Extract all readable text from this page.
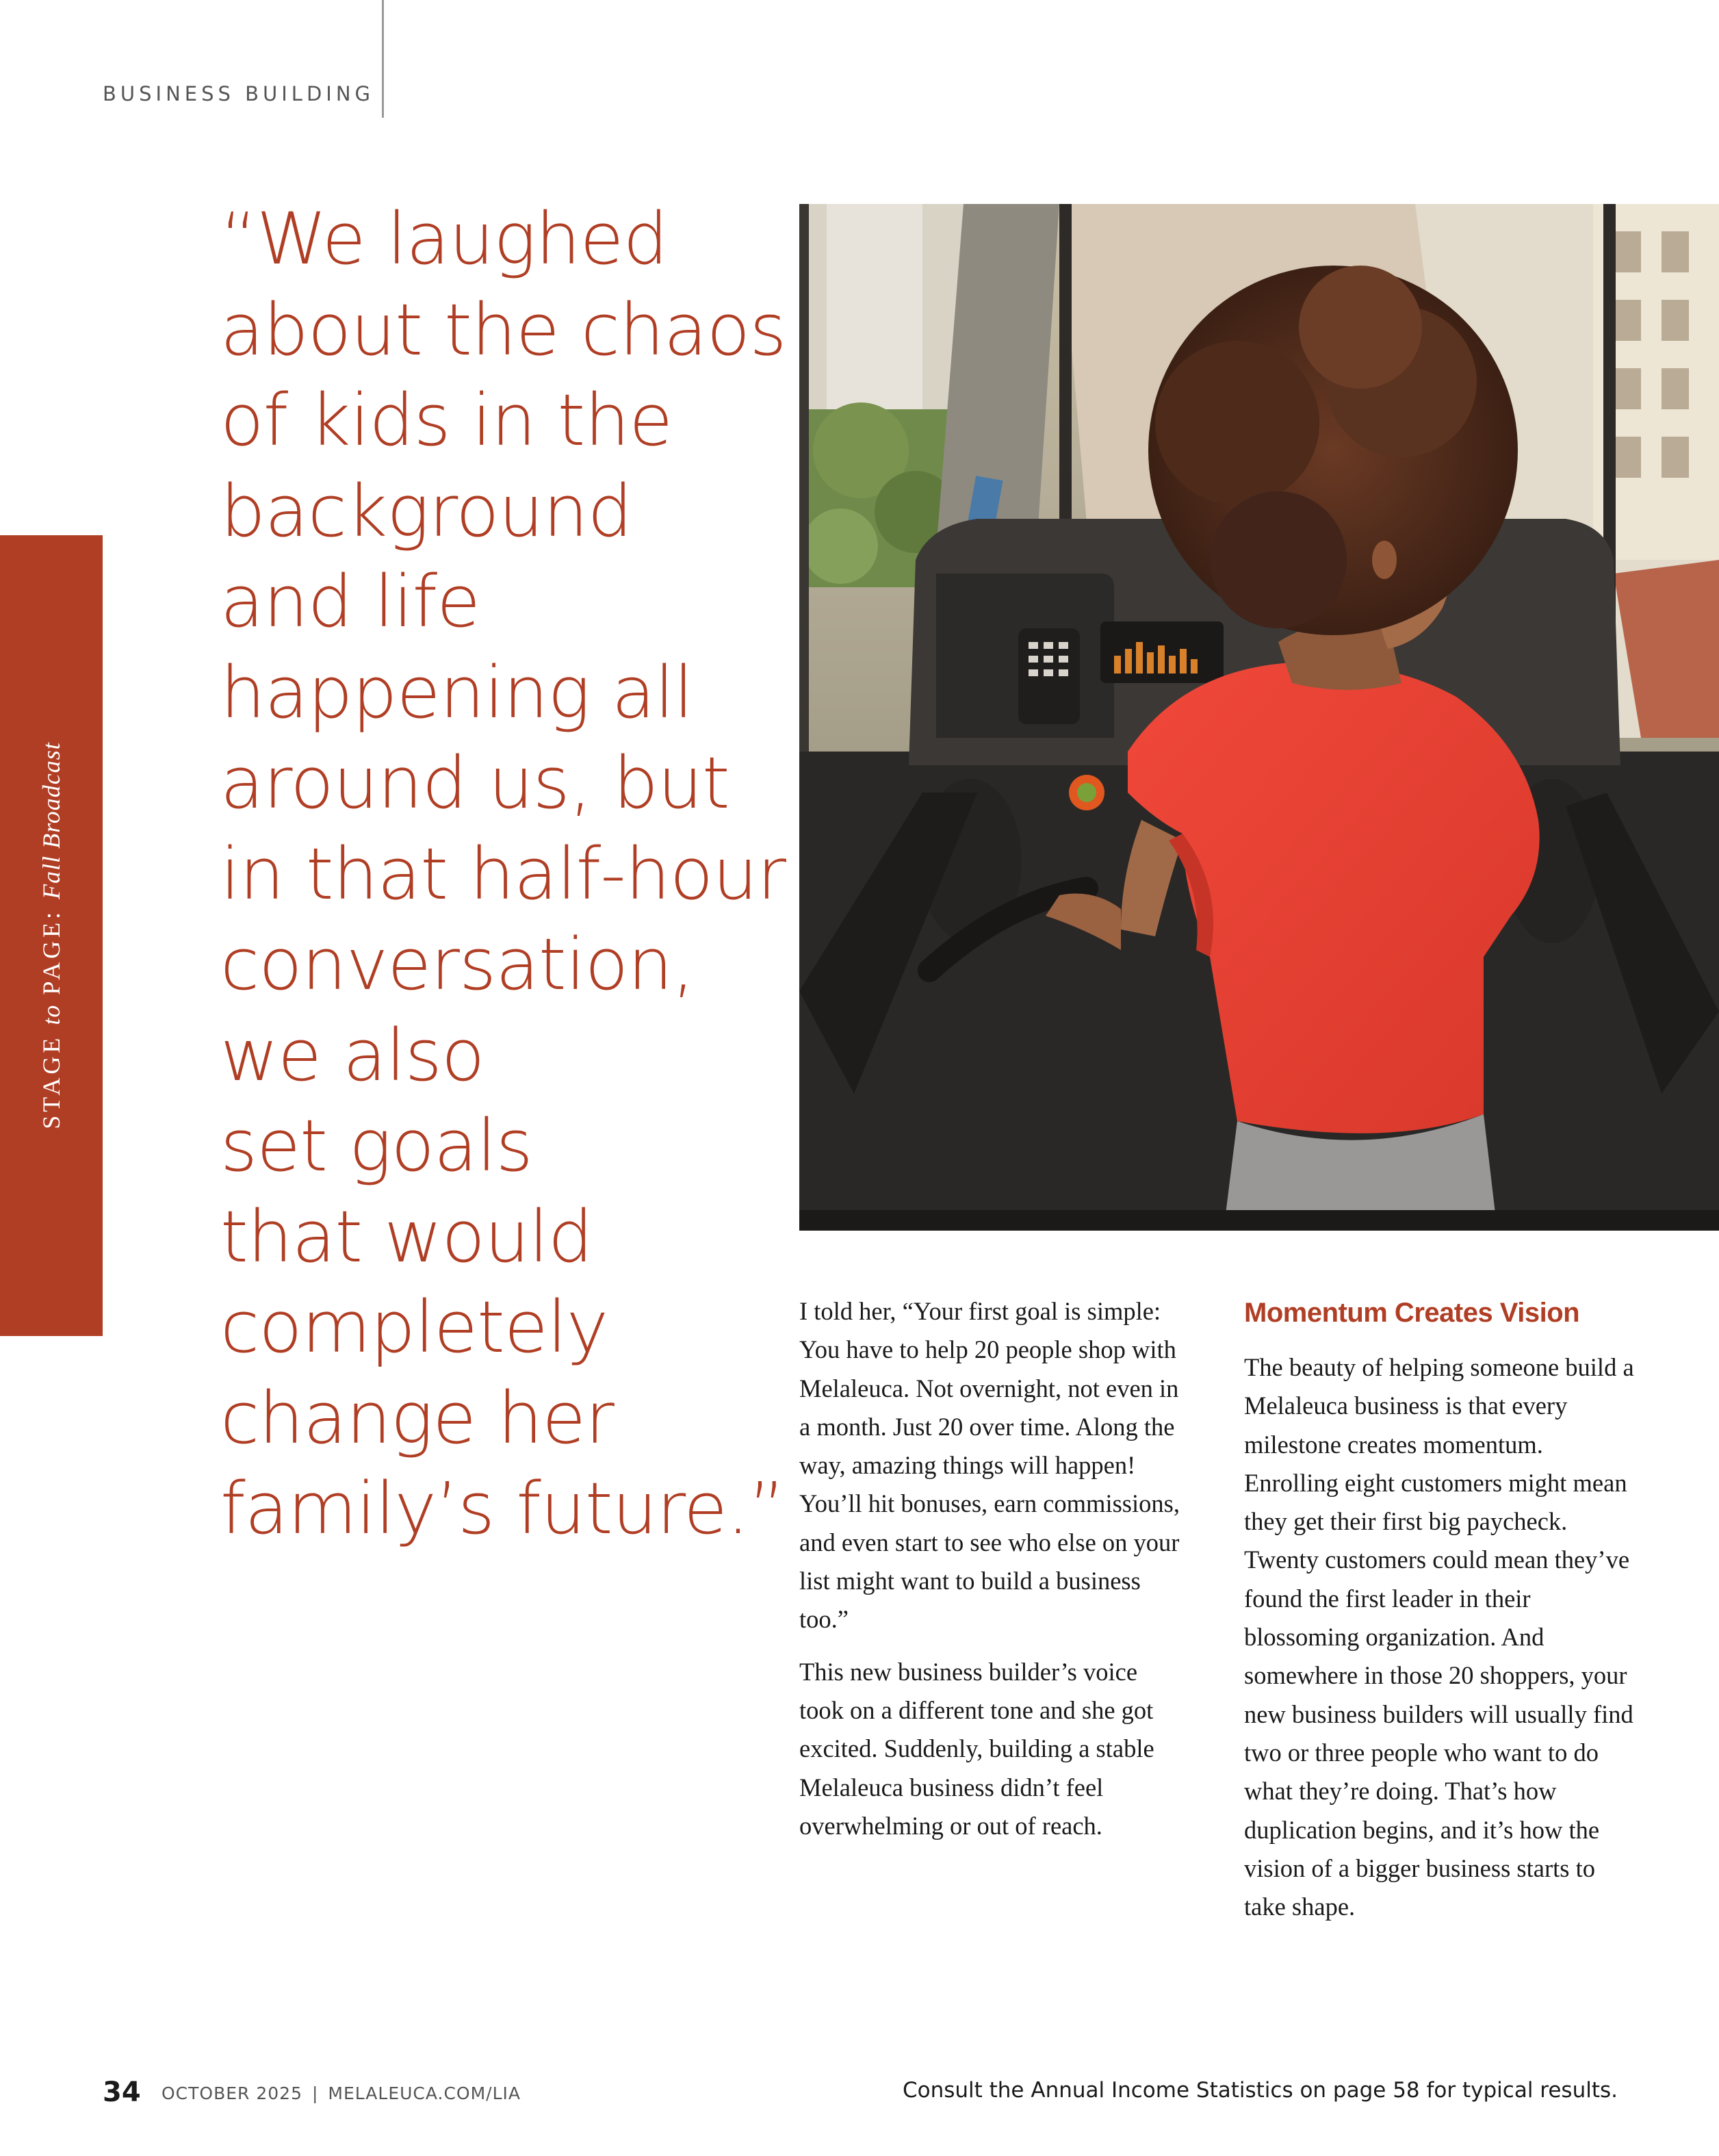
BUSINESS BUILDING
STAGE to PAGE: Fall Broadcast
“We laughed
about the chaos
of kids in the
background
and life
happening all
around us, but
in that half-hour
conversation,
we also
set goals
that would
completely
change her
family’s future.”

I told her, “Your first goal is simple: You have to help 20 people shop with Melaleuca. Not overnight, not even in a month. Just 20 over time. Along the way, amazing things will happen! You’ll hit bonuses, earn commissions, and even start to see who else on your list might want to build a business too.”

This new business builder’s voice took on a different tone and she got excited. Suddenly, building a stable Melaleuca business didn’t feel overwhelming or out of reach.

Momentum Creates Vision

The beauty of helping someone build a Melaleuca business is that every milestone creates momentum. Enrolling eight customers might mean they get their first big paycheck. Twenty customers could mean they’ve found the first leader in their blossoming organization. And somewhere in those 20 shoppers, your new business builders will usually find two or three people who want to do what they’re doing. That’s how duplication begins, and it’s how the vision of a bigger business starts to take shape.

34 OCTOBER 2025 | MELALEUCA.COM/LIA	Consult the Annual Income Statistics on page 58 for typical results.
